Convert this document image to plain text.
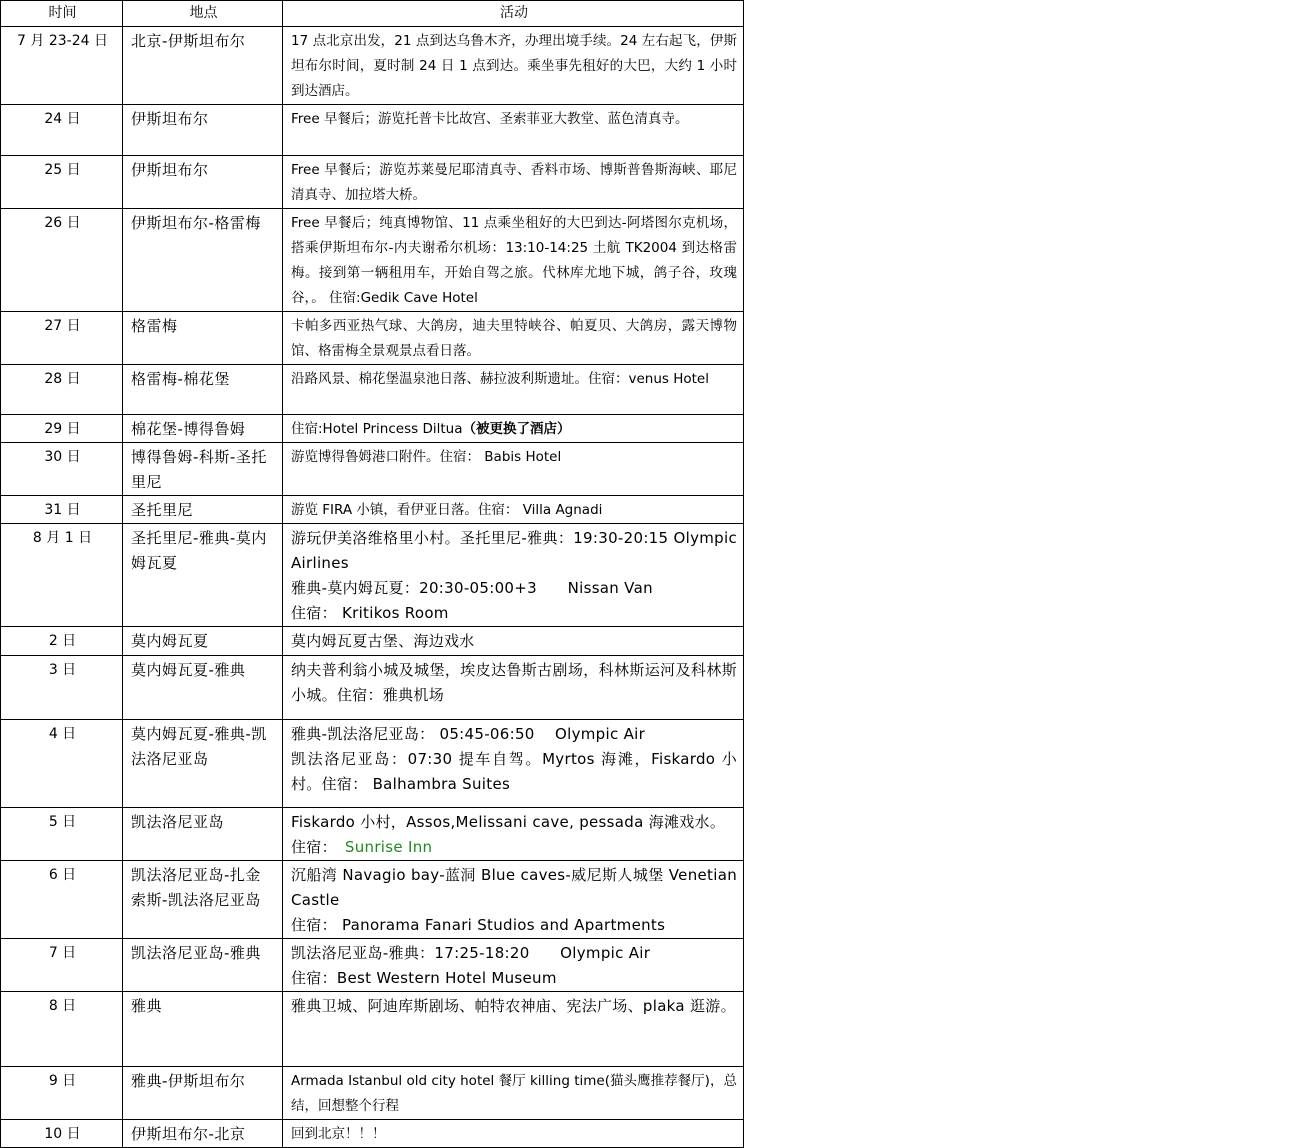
时间	地点	活动
7 月 23-24 日	北京-伊斯坦布尔	17 点北京出发，21 点到达乌鲁木齐，办理出境手续。24 左右起飞，伊斯坦布尔时间，夏时制 24 日 1 点到达。乘坐事先租好的大巴，大约 1 小时到达酒店。

24 日	伊斯坦布尔	Free 早餐后；游览托普卡比故宫、圣索菲亚大教堂、蓝色清真寺。

25 日	伊斯坦布尔	Free 早餐后；游览苏莱曼尼耶清真寺、香料市场、博斯普鲁斯海峡、耶尼清真寺、加拉塔大桥。

26 日	伊斯坦布尔-格雷梅	Free 早餐后；纯真博物馆、11 点乘坐租好的大巴到达-阿塔图尔克机场，搭乘伊斯坦布尔-内夫谢希尔机场：13:10-14:25 土航 TK2004 到达格雷梅。接到第一辆租用车，开始自驾之旅。代林库尤地下城，鸽子谷，玫瑰谷，。 住宿:Gedik Cave Hotel

27 日	格雷梅	卡帕多西亚热气球、大鸽房，迪夫里特峡谷、帕夏贝、大鸽房，露天博物馆、格雷梅全景观景点看日落。

28 日	格雷梅-棉花堡	沿路风景、棉花堡温泉池日落、赫拉波利斯遗址。住宿：venus Hotel

29 日	棉花堡-博得鲁姆	住宿:Hotel Princess Diltua（被更换了酒店）

30 日	博得鲁姆-科斯-圣托里尼	游览博得鲁姆港口附件。住宿： Babis Hotel

31 日	圣托里尼	游览 FIRA 小镇，看伊亚日落。住宿： Villa Agnadi

8 月 1 日	圣托里尼-雅典-莫内姆瓦夏	游玩伊美洛维格里小村。圣托里尼-雅典：19:30-20:15 Olympic Airlines
雅典-莫内姆瓦夏：20:30-05:00+3　　Nissan Van
住宿： Kritikos Room

2 日	莫内姆瓦夏	莫内姆瓦夏古堡、海边戏水

3 日	莫内姆瓦夏-雅典	纳夫普利翁小城及城堡，埃皮达鲁斯古剧场，科林斯运河及科林斯小城。住宿：雅典机场

4 日	莫内姆瓦夏-雅典-凯法洛尼亚岛	雅典-凯法洛尼亚岛： 05:45-06:50　 Olympic Air
凯法洛尼亚岛：07:30 提车自驾。Myrtos 海滩，Fiskardo 小村。住宿： Balhambra Suites

5 日	凯法洛尼亚岛	Fiskardo 小村，Assos,Melissani cave, pessada 海滩戏水。
住宿： Sunrise Inn

6 日	凯法洛尼亚岛-扎金索斯-凯法洛尼亚岛	沉船湾 Navagio bay-蓝洞 Blue caves-威尼斯人城堡 Venetian Castle
住宿： Panorama Fanari Studios and Apartments

7 日	凯法洛尼亚岛-雅典	凯法洛尼亚岛-雅典：17:25-18:20　　Olympic Air
住宿：Best Western Hotel Museum

8 日	雅典	雅典卫城、阿迪库斯剧场、帕特农神庙、宪法广场、plaka 逛游。

9 日	雅典-伊斯坦布尔	Armada Istanbul old city hotel 餐厅 killing time(猫头鹰推荐餐厅)，总结，回想整个行程

10 日	伊斯坦布尔-北京	回到北京！！！
